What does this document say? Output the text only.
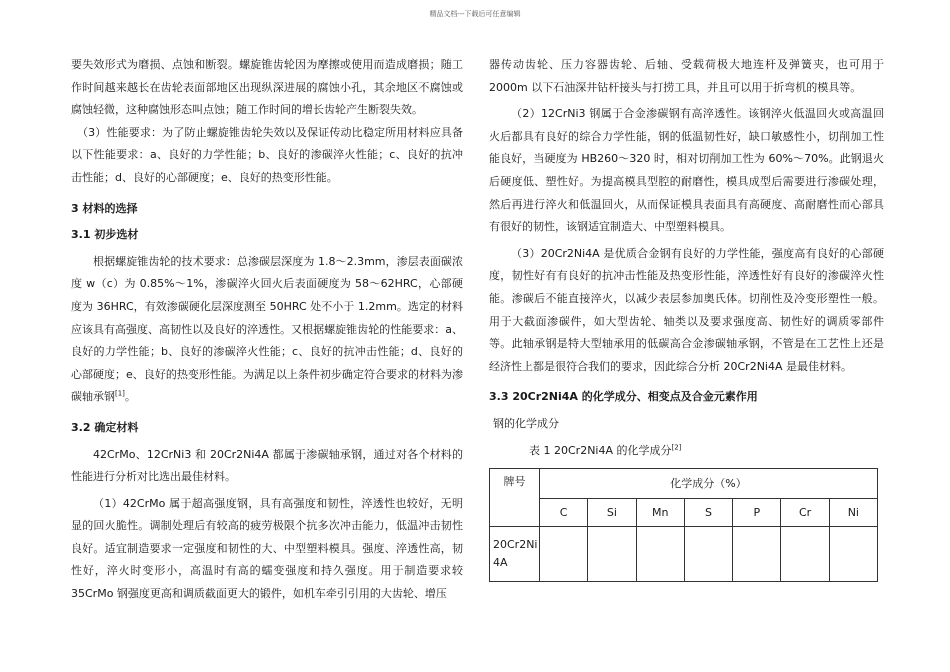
精品文档---下载后可任意编辑

要失效形式为磨损、点蚀和断裂。螺旋锥齿轮因为摩擦或使用而造成磨损；随工作时间越来越长在齿轮表面部地区出现纵深进展的腐蚀小孔，其余地区不腐蚀或腐蚀轻微，这种腐蚀形态叫点蚀；随工作时间的增长齿轮产生断裂失效。

（3）性能要求：为了防止螺旋锥齿轮失效以及保证传动比稳定所用材料应具备以下性能要求：a、良好的力学性能；b、良好的渗碳淬火性能；c、良好的抗冲击性能；d、良好的心部硬度；e、良好的热变形性能。

3 材料的选择
3.1 初步选材

根据螺旋锥齿轮的技术要求：总渗碳层深度为 1.8～2.3mm，渗层表面碳浓度 w（c）为 0.85%～1%，渗碳淬火回火后表面硬度为 58～62HRC，心部硬度为 36HRC，有效渗碳硬化层深度测至 50HRC 处不小于 1.2mm。选定的材料应该具有高强度、高韧性以及良好的淬透性。又根据螺旋锥齿轮的性能要求：a、良好的力学性能；b、良好的渗碳淬火性能；c、良好的抗冲击性能；d、良好的心部硬度；e、良好的热变形性能。为满足以上条件初步确定符合要求的材料为渗碳轴承钢[1]。

3.2 确定材料

42CrMo、12CrNi3 和 20Cr2Ni4A 都属于渗碳轴承钢，通过对各个材料的性能进行分析对比选出最佳材料。

（1）42CrMo 属于超高强度钢，具有高强度和韧性，淬透性也较好，无明显的回火脆性。调制处理后有较高的疲劳极限个抗多次冲击能力，低温冲击韧性良好。适宜制造要求一定强度和韧性的大、中型塑料模具。强度、淬透性高，韧性好，淬火时变形小，高温时有高的蠕变强度和持久强度。用于制造要求较 35CrMo 钢强度更高和调质截面更大的锻件，如机车牵引引用的大齿轮、增压

器传动齿轮、压力容器齿轮、后轴、受载荷极大地连杆及弹簧夹，也可用于 2000m 以下石油深井钻杆接头与打捞工具，并且可以用于折弯机的模具等。

（2）12CrNi3 钢属于合金渗碳钢有高淬透性。该钢淬火低温回火或高温回火后都具有良好的综合力学性能，钢的低温韧性好，缺口敏感性小，切削加工性能良好，当硬度为 HB260～320 时，相对切削加工性为 60%～70%。此钢退火后硬度低、塑性好。为提高模具型腔的耐磨性，模具成型后需要进行渗碳处理，然后再进行淬火和低温回火，从而保证模具表面具有高硬度、高耐磨性而心部具有很好的韧性，该钢适宜制造大、中型塑料模具。

（3）20Cr2Ni4A 是优质合金钢有良好的力学性能，强度高有良好的心部硬度，韧性好有有良好的抗冲击性能及热变形性能，淬透性好有良好的渗碳淬火性能。渗碳后不能直接淬火，以减少表层参加奥氏体。切削性及冷变形塑性一般。用于大截面渗碳件，如大型齿轮、轴类以及要求强度高、韧性好的调质零部件等。此轴承钢是特大型轴承用的低碳高合金渗碳轴承钢，不管是在工艺性上还是经济性上都是很符合我们的要求，因此综合分析 20Cr2Ni4A 是最佳材料。

3.3 20Cr2Ni4A 的化学成分、相变点及合金元素作用

钢的化学成分

表 1 20Cr2Ni4A 的化学成分[2]

牌号	化学成分（%）						
	C	Si	Mn	S	P	Cr	Ni
20Cr2Ni4A							
